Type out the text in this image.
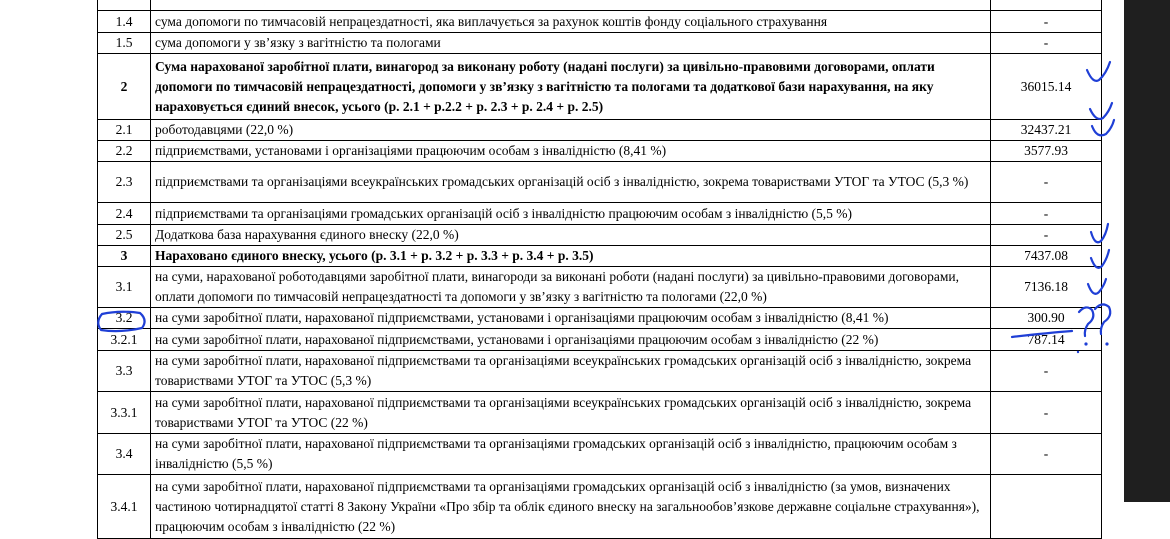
1.4	сума допомоги по тимчасовій непрацездатності, яка виплачується за рахунок коштів фонду соціального страхування	-
1.5	сума допомоги у зв’язку з вагітністю та пологами	-
2	Сума нарахованої заробітної плати, винагород за виконану роботу (надані послуги) за цивільно-правовими договорами, оплати допомоги по тимчасовій непрацездатності, допомоги у зв’язку з вагітністю та пологами та додаткової бази нарахування, на яку нараховується єдиний внесок, усього (р. 2.1 + р.2.2 + р. 2.3 + р. 2.4 + р. 2.5)	36015.14
2.1	роботодавцями (22,0 %)	32437.21
2.2	підприємствами, установами і організаціями працюючим особам з інвалідністю (8,41 %)	3577.93
2.3	підприємствами та організаціями всеукраїнських громадських організацій осіб з інвалідністю, зокрема товариствами УТОГ та УТОС (5,3 %)	-
2.4	підприємствами та організаціями громадських організацій осіб з інвалідністю працюючим особам з інвалідністю (5,5 %)	-
2.5	Додаткова база нарахування єдиного внеску (22,0 %)	-
3	Нараховано єдиного внеску, усього (р. 3.1 + р. 3.2 + р. 3.3 + р. 3.4 + р. 3.5)	7437.08
3.1	на суми, нарахованої роботодавцями заробітної плати, винагороди за виконані роботи (надані послуги) за цивільно-правовими договорами, оплати допомоги по тимчасовій непрацездатності та допомоги у зв’язку з вагітністю та пологами (22,0 %)	7136.18
3.2	на суми заробітної плати, нарахованої підприємствами, установами і організаціями працюючим особам з інвалідністю (8,41 %)	300.90
3.2.1	на суми заробітної плати, нарахованої підприємствами, установами і організаціями працюючим особам з інвалідністю (22 %)	787.14
3.3	на суми заробітної плати, нарахованої підприємствами та організаціями всеукраїнських громадських організацій осіб з інвалідністю, зокрема товариствами УТОГ та УТОС (5,3 %)	-
3.3.1	на суми заробітної плати, нарахованої підприємствами та організаціями всеукраїнських громадських організацій осіб з інвалідністю, зокрема товариствами УТОГ та УТОС (22 %)	-
3.4	на суми заробітної плати, нарахованої підприємствами та організаціями громадських організацій осіб з інвалідністю, працюючим особам з інвалідністю (5,5 %)	-
3.4.1	на суми заробітної плати, нарахованої підприємствами та організаціями громадських організацій осіб з інвалідністю (за умов, визначених частиною чотирнадцятої статті 8 Закону України «Про збір та облік єдиного внеску на загальнообов’язкове державне соціальне страхування»), працюючим особам з інвалідністю (22 %)	
